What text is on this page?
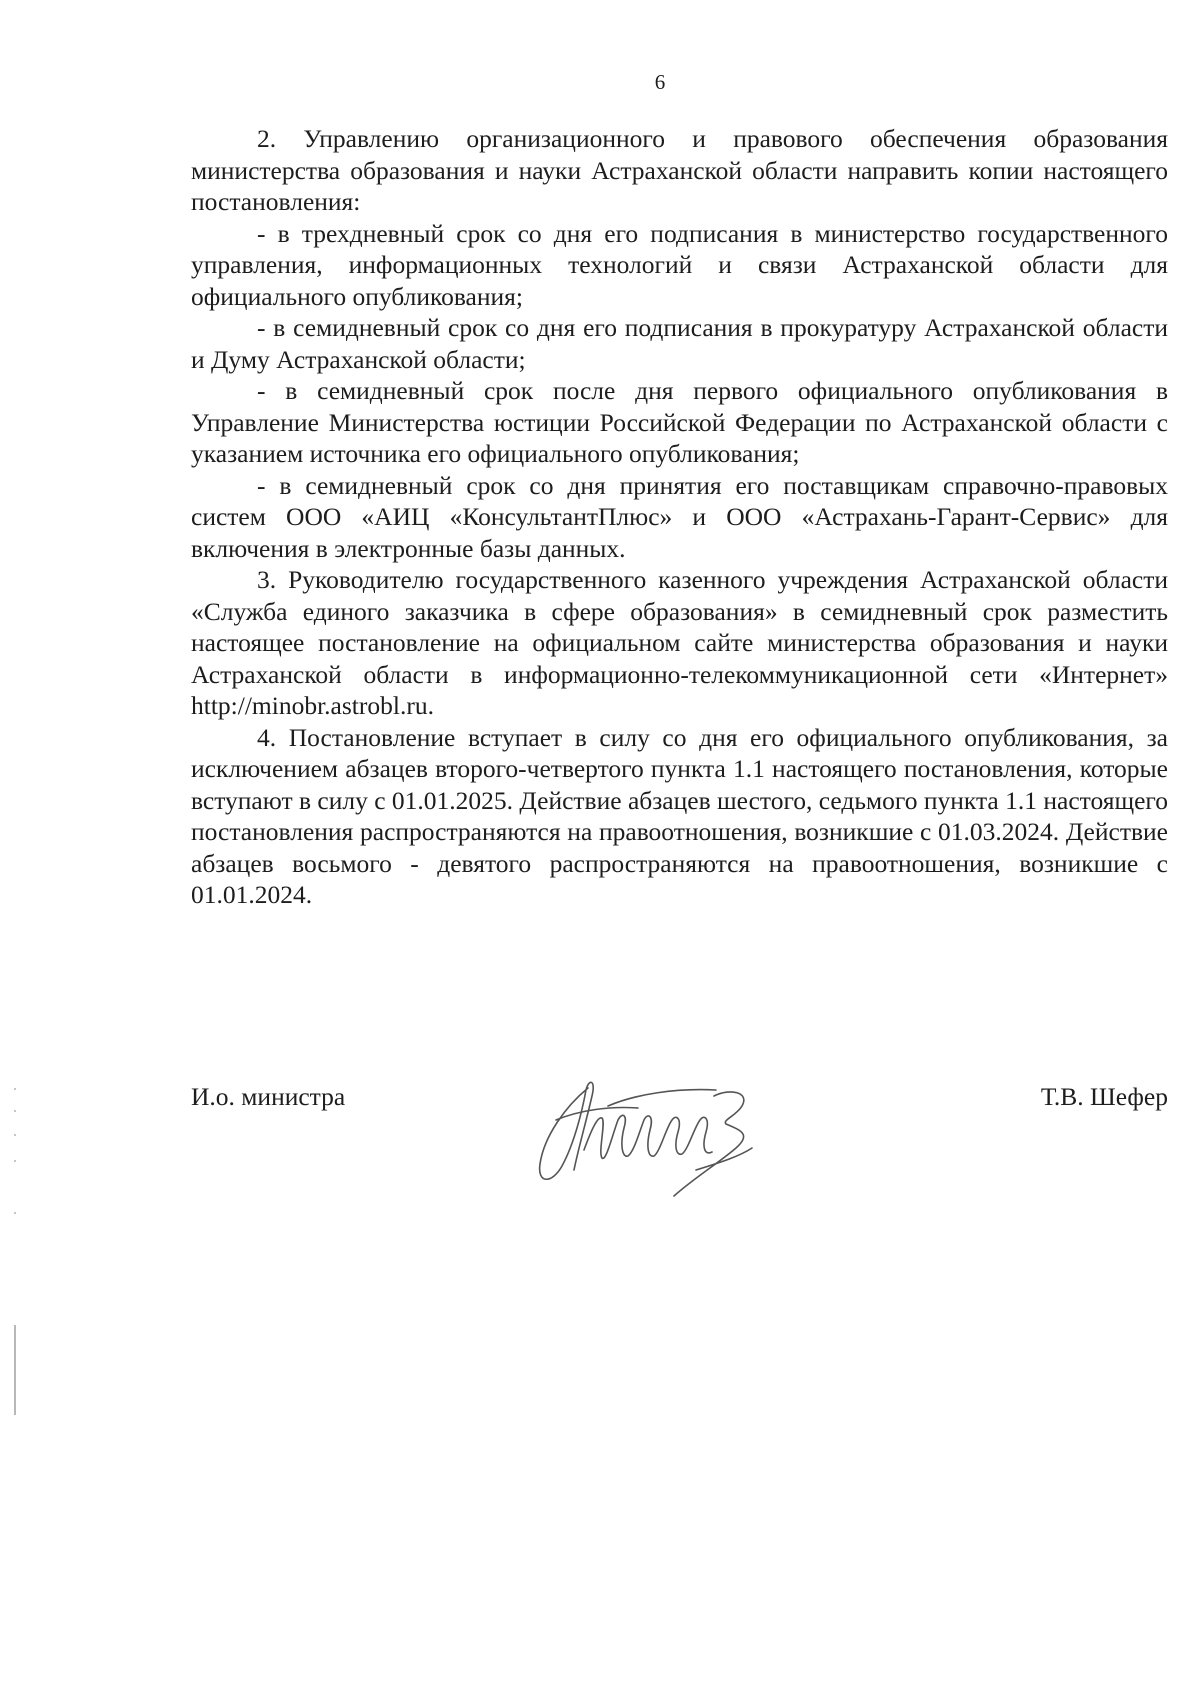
6

2. Управлению организационного и правового обеспечения образования министерства образования и науки Астраханской области направить копии настоящего постановления:

- в трехдневный срок со дня его подписания в министерство государственного управления, информационных технологий и связи Астраханской области для официального опубликования;

- в семидневный срок со дня его подписания в прокуратуру Астраханской области и Думу Астраханской области;

- в семидневный срок после дня первого официального опубликования в Управление Министерства юстиции Российской Федерации по Астраханской области с указанием источника его официального опубликования;

- в семидневный срок со дня принятия его поставщикам справочно-правовых систем ООО «АИЦ «КонсультантПлюс» и ООО «Астрахань-Гарант-Сервис» для включения в электронные базы данных.

3. Руководителю государственного казенного учреждения Астраханской области «Служба единого заказчика в сфере образования» в семидневный срок разместить настоящее постановление на официальном сайте министерства образования и науки Астраханской области в информационно-телекоммуникационной сети «Интернет» http://minobr.astrobl.ru.

4. Постановление вступает в силу со дня его официального опубликования, за исключением абзацев второго-четвертого пункта 1.1 настоящего постановления, которые вступают в силу с 01.01.2025. Действие абзацев шестого, седьмого пункта 1.1 настоящего постановления распространяются на правоотношения, возникшие с 01.03.2024. Действие абзацев восьмого - девятого распространяются на правоотношения, возникшие с 01.01.2024.

И.о. министра	Т.В. Шефер
